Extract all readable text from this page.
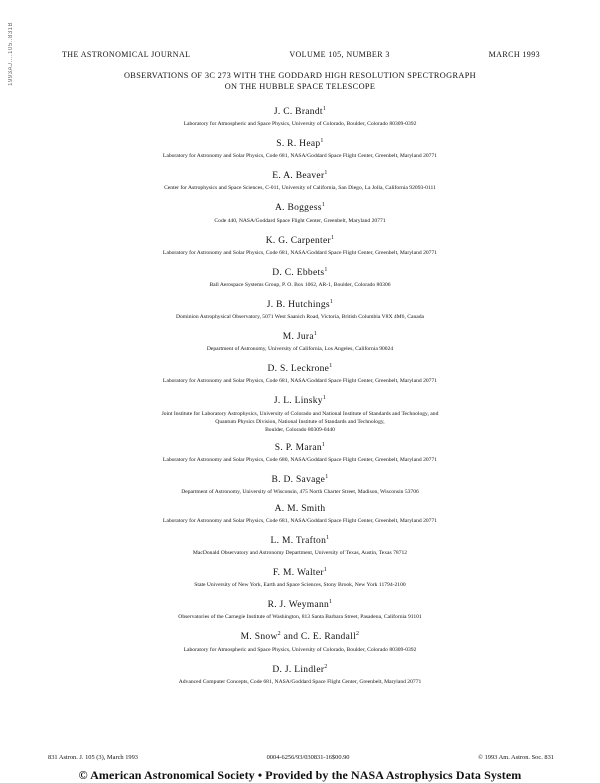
1993AJ....105..831B	THE ASTRONOMICAL JOURNAL	VOLUME 105, NUMBER 3	MARCH 1993
OBSERVATIONS OF 3C 273 WITH THE GODDARD HIGH RESOLUTION SPECTROGRAPH
ON THE HUBBLE SPACE TELESCOPE
J. C. Brandt$^1$
Laboratory for Atmospheric and Space Physics, University of Colorado, Boulder, Colorado 80309-0392
S. R. Heap$^1$
Laboratory for Astronomy and Solar Physics, Code 681, NASA/Goddard Space Flight Center, Greenbelt, Maryland 20771
E. A. Beaver$^1$
Center for Astrophysics and Space Sciences, C-011, University of California, San Diego, La Jolla, California 92093-0111
A. Boggess$^1$
Code 440, NASA/Goddard Space Flight Center, Greenbelt, Maryland 20771
K. G. Carpenter$^1$
Laboratory for Astronomy and Solar Physics, Code 681, NASA/Goddard Space Flight Center, Greenbelt, Maryland 20771
D. C. Ebbets$^1$
Ball Aerospace Systems Group, P. O. Box 1062, AR-1, Boulder, Colorado 80306
J. B. Hutchings$^1$
Dominion Astrophysical Observatory, 5071 West Saanich Road, Victoria, British Columbia V8X 4M6, Canada
M. Jura$^1$
Department of Astronomy, University of California, Los Angeles, California 90024
D. S. Leckrone$^1$
Laboratory for Astronomy and Solar Physics, Code 681, NASA/Goddard Space Flight Center, Greenbelt, Maryland 20771
J. L. Linsky$^1$
Joint Institute for Laboratory Astrophysics, University of Colorado and National Institute of Standards and Technology, and
Quantum Physics Division, National Institute of Standards and Technology,
Boulder, Colorado 80309-0440
S. P. Maran$^1$
Laboratory for Astronomy and Solar Physics, Code 680, NASA/Goddard Space Flight Center, Greenbelt, Maryland 20771
B. D. Savage$^1$
Department of Astronomy, University of Wisconsin, 475 North Charter Street, Madison, Wisconsin 53706
A. M. Smith
Laboratory for Astronomy and Solar Physics, Code 681, NASA/Goddard Space Flight Center, Greenbelt, Maryland 20771
L. M. Trafton$^1$
MacDonald Observatory and Astronomy Department, University of Texas, Austin, Texas 78712
F. M. Walter$^1$
State University of New York, Earth and Space Sciences, Stony Brook, New York 11794-2100
R. J. Weymann$^1$
Observatories of the Carnegie Institute of Washington, 813 Santa Barbara Street, Pasadena, California 91101
M. Snow$^2$ and C. E. Randall$^2$
Laboratory for Atmospheric and Space Physics, University of Colorado, Boulder, Colorado 80309-0392
D. J. Lindler$^2$
Advanced Computer Concepts, Code 681, NASA/Goddard Space Flight Center, Greenbelt, Maryland 20771
831 Astron. J. 105 (3), March 1993	0004-6256/93/030831-16$00.90	© 1993 Am. Astron. Soc. 831
© American Astronomical Society • Provided by the NASA Astrophysics Data System
